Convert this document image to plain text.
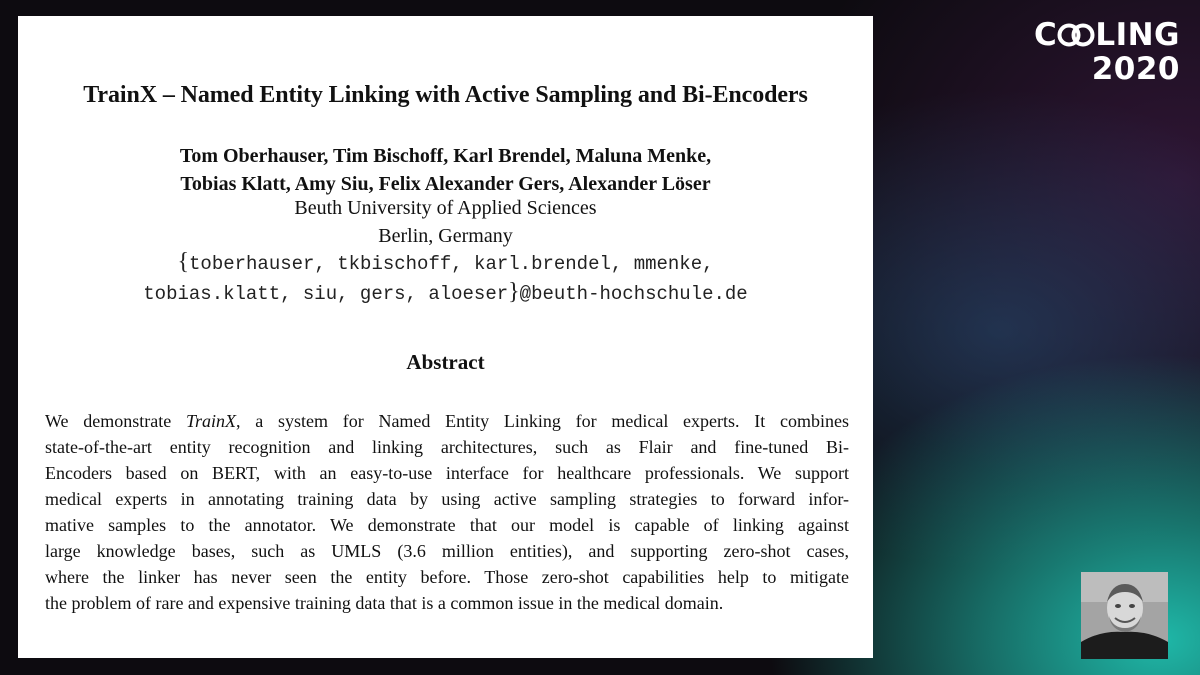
TrainX – Named Entity Linking with Active Sampling and Bi-Encoders
Tom Oberhauser, Tim Bischoff, Karl Brendel, Maluna Menke,
Tobias Klatt, Amy Siu, Felix Alexander Gers, Alexander Löser
Beuth University of Applied Sciences
Berlin, Germany
{toberhauser, tkbischoff, karl.brendel, mmenke,
tobias.klatt, siu, gers, aloeser}@beuth-hochschule.de
Abstract
We demonstrate TrainX, a system for Named Entity Linking for medical experts. It combines
state-of-the-art entity recognition and linking architectures, such as Flair and fine-tuned Bi-
Encoders based on BERT, with an easy-to-use interface for healthcare professionals. We support
medical experts in annotating training data by using active sampling strategies to forward infor-
mative samples to the annotator. We demonstrate that our model is capable of linking against
large knowledge bases, such as UMLS (3.6 million entities), and supporting zero-shot cases,
where the linker has never seen the entity before. Those zero-shot capabilities help to mitigate
the problem of rare and expensive training data that is a common issue in the medical domain.
C LING
2020
